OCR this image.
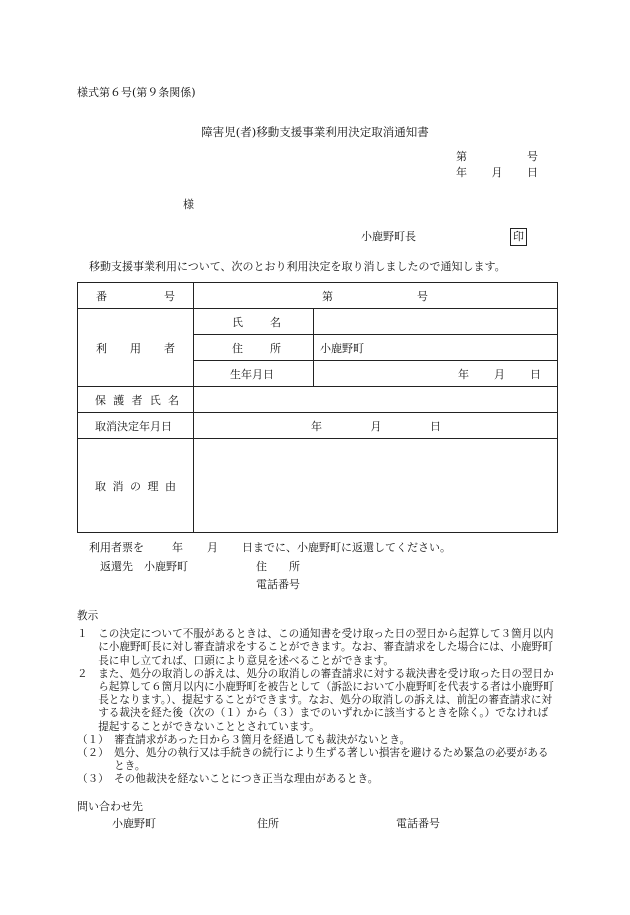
様式第６号(第９条関係)
障害児(者)移動支援事業利用決定取消通知書
第	号
年 月 日
様
小鹿野町長	印
移動支援事業利用について、次のとおり利用決定を取り消しましたので通知します。
番 号	第 号	

利 用 者	氏 名	

	住 所	小鹿野町
	生年月日	年 月 日

保 護 者 氏 名		

取消決定年月日	年 月 日	

取 消 の 理 由		

利用者票を	年 月 日までに、小鹿野町に返還してください。
返還先　小鹿野町	住　　所
電話番号
教示
１　 この決定について不服があるときは、この通知書を受け取った日の翌日から起算して３箇月以内に小鹿野町長に対し審査請求をすることができます。なお、審査請求をした場合には、小鹿野町長に申し立てれば、口頭により意見を述べることができます。
２　 また、処分の取消しの訴えは、処分の取消しの審査請求に対する裁決書を受け取った日の翌日から起算して６箇月以内に小鹿野町を被告として（訴訟において小鹿野町を代表する者は小鹿野町長となります。）、提起することができます。なお、処分の取消しの訴えは、前記の審査請求に対する裁決を経た後（次の（１）から（３）までのいずれかに該当するときを除く。）でなければ提起することができないこととされています。
（１）　 審査請求があった日から３箇月を経過しても裁決がないとき。
（２）　 処分、処分の執行又は手続きの続行により生ずる著しい損害を避けるため緊急の必要があるとき。
（３）　 その他裁決を経ないことにつき正当な理由があるとき。
問い合わせ先
小鹿野町	住所	電話番号
